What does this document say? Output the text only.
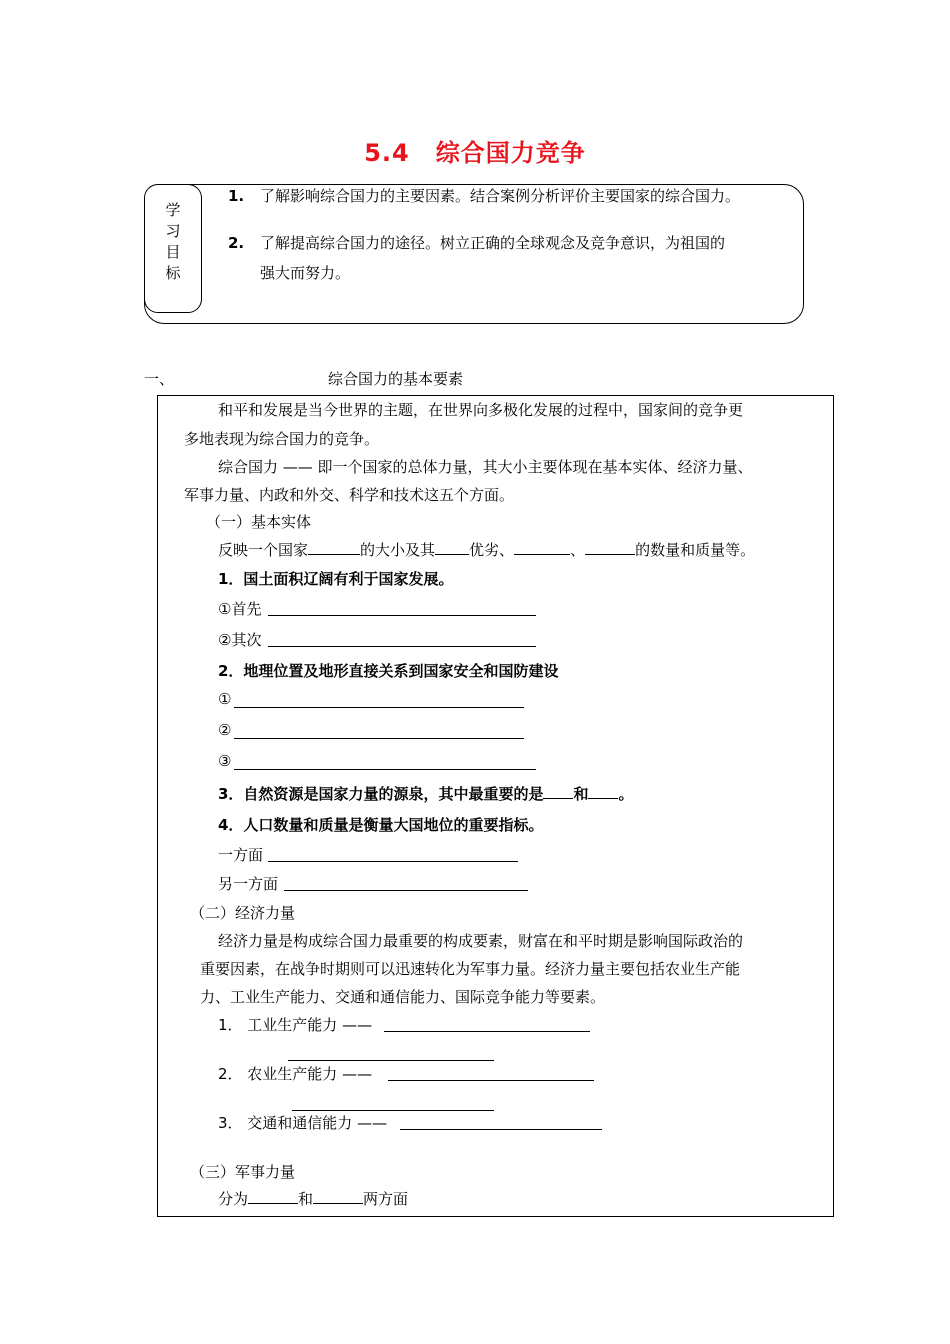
5.4 综合国力竞争
学习目标
1. 了解影响综合国力的主要因素。结合案例分析评价主要国家的综合国力。
2. 了解提高综合国力的途径。树立正确的全球观念及竞争意识，为祖国的
强大而努力。
一、	综合国力的基本要素
和平和发展是当今世界的主题，在世界向多极化发展的过程中，国家间的竞争更
多地表现为综合国力的竞争。
综合国力 —— 即一个国家的总体力量，其大小主要体现在基本实体、经济力量、
军事力量、内政和外交、科学和技术这五个方面。
（一）基本实体
反映一个国家	的大小及其 优劣、	、	的数量和质量等。
1．国土面积辽阔有利于国家发展。
①首先
②其次
2．地理位置及地形直接关系到国家安全和国防建设
①
②
③
3．自然资源是国家力量的源泉，其中最重要的是 和 。
4．人口数量和质量是衡量大国地位的重要指标。
一方面
另一方面
（二）经济力量
经济力量是构成综合国力最重要的构成要素，财富在和平时期是影响国际政治的
重要因素，在战争时期则可以迅速转化为军事力量。经济力量主要包括农业生产能
力、工业生产能力、交通和通信能力、国际竞争能力等要素。
1． 工业生产能力 ——
2． 农业生产能力 ——
3． 交通和通信能力 ——
（三）军事力量
分为	和	两方面
